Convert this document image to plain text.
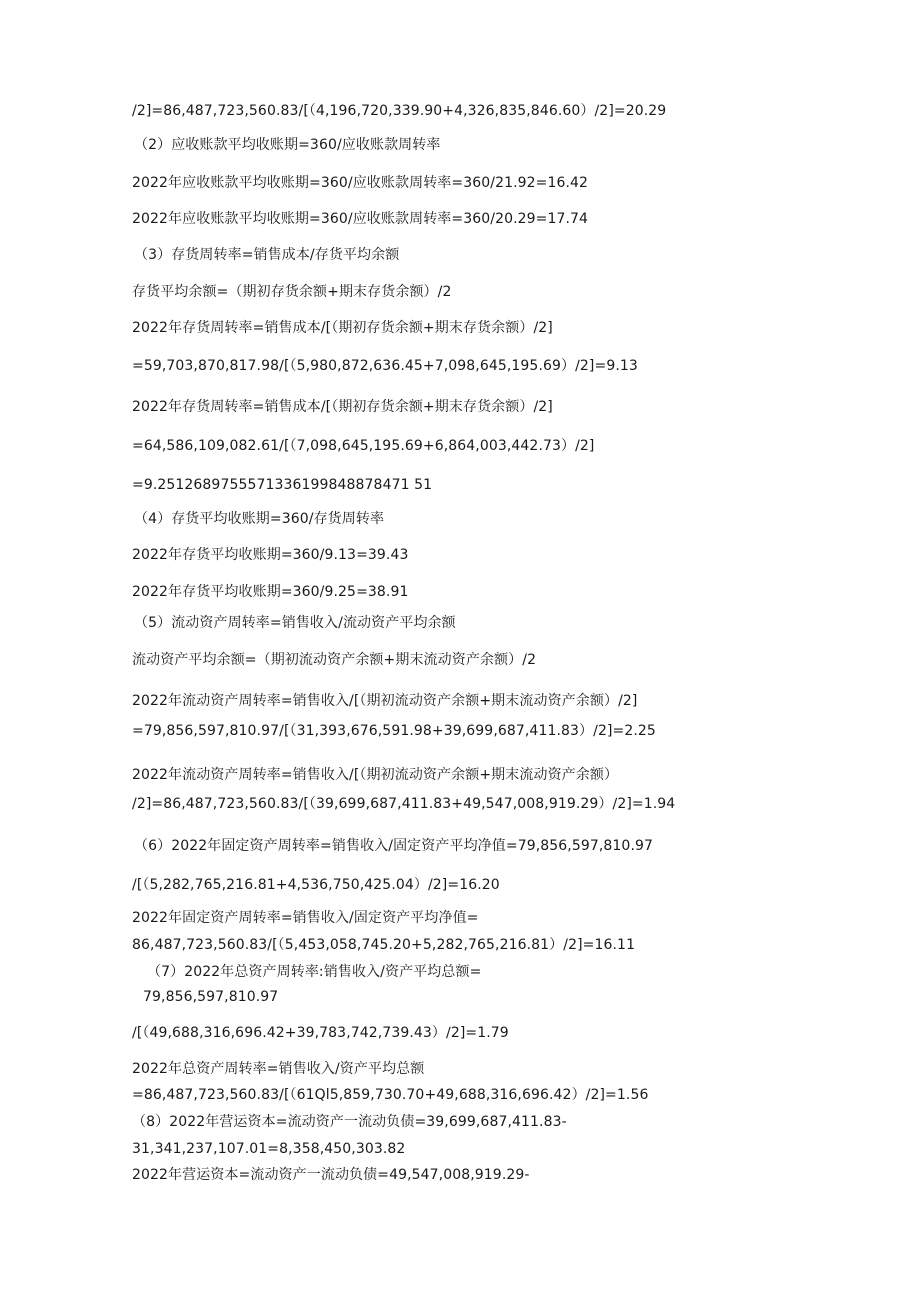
/2]=86,487,723,560.83∕[（4,196,720,339.90+4,326,835,846.60）∕2]=20.29

（2）应收账款平均收账期=360/应收账款周转率

2022年应收账款平均收账期=360/应收账款周转率=360/21.92=16.42

2022年应收账款平均收账期=360/应收账款周转率=360/20.29=17.74

（3）存货周转率=销售成本/存货平均余额

存货平均余额=（期初存货余额+期末存货余额）/2

2022年存货周转率=销售成本/[（期初存货余额+期末存货余额）/2]

=59,703,870,817.98∕[（5,980,872,636.45+7,098,645,195.69）∕2]=9.13

2022年存货周转率=销售成本/[（期初存货余额+期末存货余额）/2]

=64,586,109,082.61∕[（7,098,645,195.69+6,864,003,442.73）/2]

=9.2512689755571336199848878471 51

（4）存货平均收账期=360/存货周转率

2022年存货平均收账期=360/9.13=39.43

2022年存货平均收账期=360/9.25=38.91

（5）流动资产周转率=销售收入/流动资产平均余额

流动资产平均余额=（期初流动资产余额+期末流动资产余额）/2

2022年流动资产周转率=销售收入/[（期初流动资产余额+期末流动资产余额）/2]

=79,856,597,810.97∕[（31,393,676,591.98+39,699,687,411.83）∕2]=2.25

2022年流动资产周转率=销售收入/[（期初流动资产余额+期末流动资产余额）

/2]=86,487,723,560.83∕[（39,699,687,411.83+49,547,008,919.29）∕2]=1.94

（6）2022年固定资产周转率=销售收入/固定资产平均净值=79,856,597,810.97

/[（5,282,765,216.81+4,536,750,425.04）/2]=16.20

2022年固定资产周转率=销售收入/固定资产平均净值=

86,487,723,560.83/[（5,453,058,745.20+5,282,765,216.81）/2]=16.11

（7）2022年总资产周转率:销售收入/资产平均总额=

79,856,597,810.97

∕[（49,688,316,696.42+39,783,742,739.43）∕2]=1.79

2022年总资产周转率=销售收入/资产平均总额

=86,487,723,560.83/[（61Ql5,859,730.70+49,688,316,696.42）/2]=1.56

（8）2022年营运资本=流动资产一流动负债=39,699,687,411.83-

31,341,237,107.01=8,358,450,303.82

2022年营运资本=流动资产一流动负债=49,547,008,919.29-
